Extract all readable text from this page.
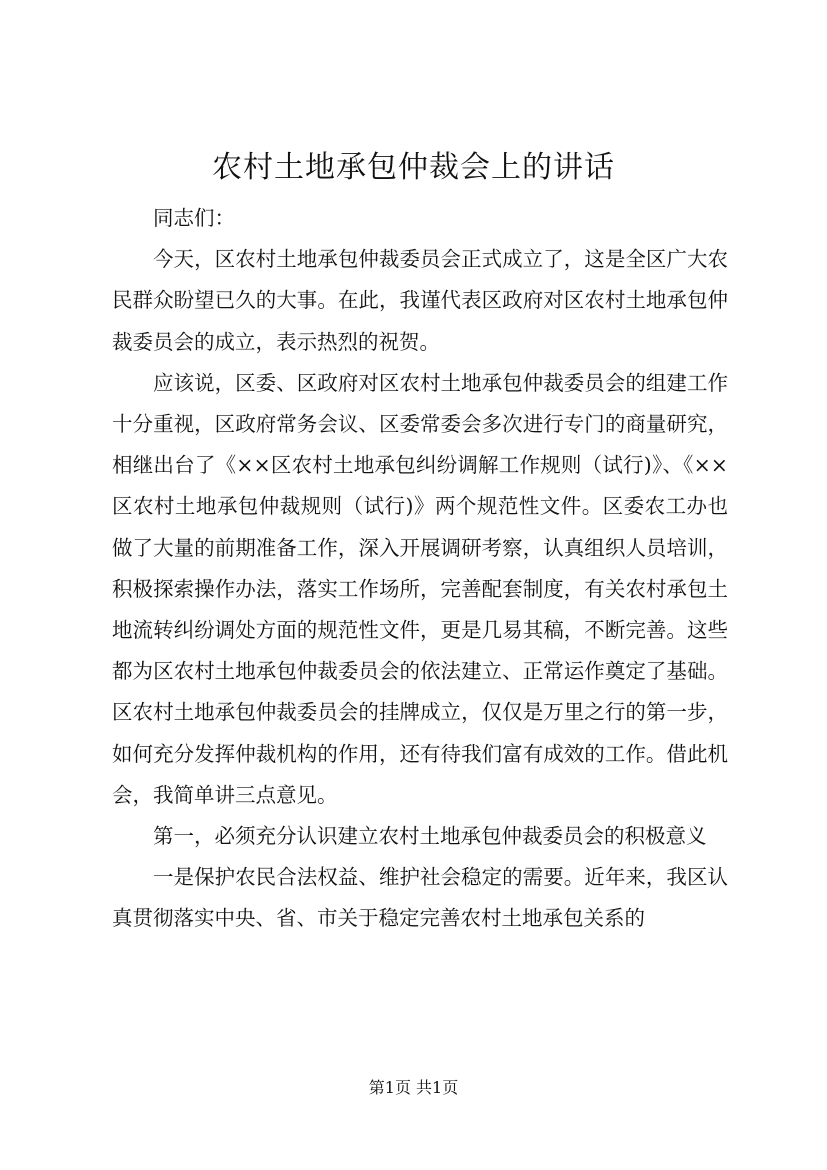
农村土地承包仲裁会上的讲话

同志们：

今天，区农村土地承包仲裁委员会正式成立了，这是全区广大农民群众盼望已久的大事。在此，我谨代表区政府对区农村土地承包仲裁委员会的成立，表示热烈的祝贺。

应该说，区委、区政府对区农村土地承包仲裁委员会的组建工作十分重视，区政府常务会议、区委常委会多次进行专门的商量研究，相继出台了《××区农村土地承包纠纷调解工作规则（试行)》、《××区农村土地承包仲裁规则（试行)》两个规范性文件。区委农工办也做了大量的前期准备工作，深入开展调研考察，认真组织人员培训，积极探索操作办法，落实工作场所，完善配套制度，有关农村承包土地流转纠纷调处方面的规范性文件，更是几易其稿，不断完善。这些都为区农村土地承包仲裁委员会的依法建立、正常运作奠定了基础。区农村土地承包仲裁委员会的挂牌成立，仅仅是万里之行的第一步，如何充分发挥仲裁机构的作用，还有待我们富有成效的工作。借此机会，我简单讲三点意见。

第一，必须充分认识建立农村土地承包仲裁委员会的积极意义

一是保护农民合法权益、维护社会稳定的需要。近年来，我区认真贯彻落实中央、省、市关于稳定完善农村土地承包关系的

第1页 共1页
